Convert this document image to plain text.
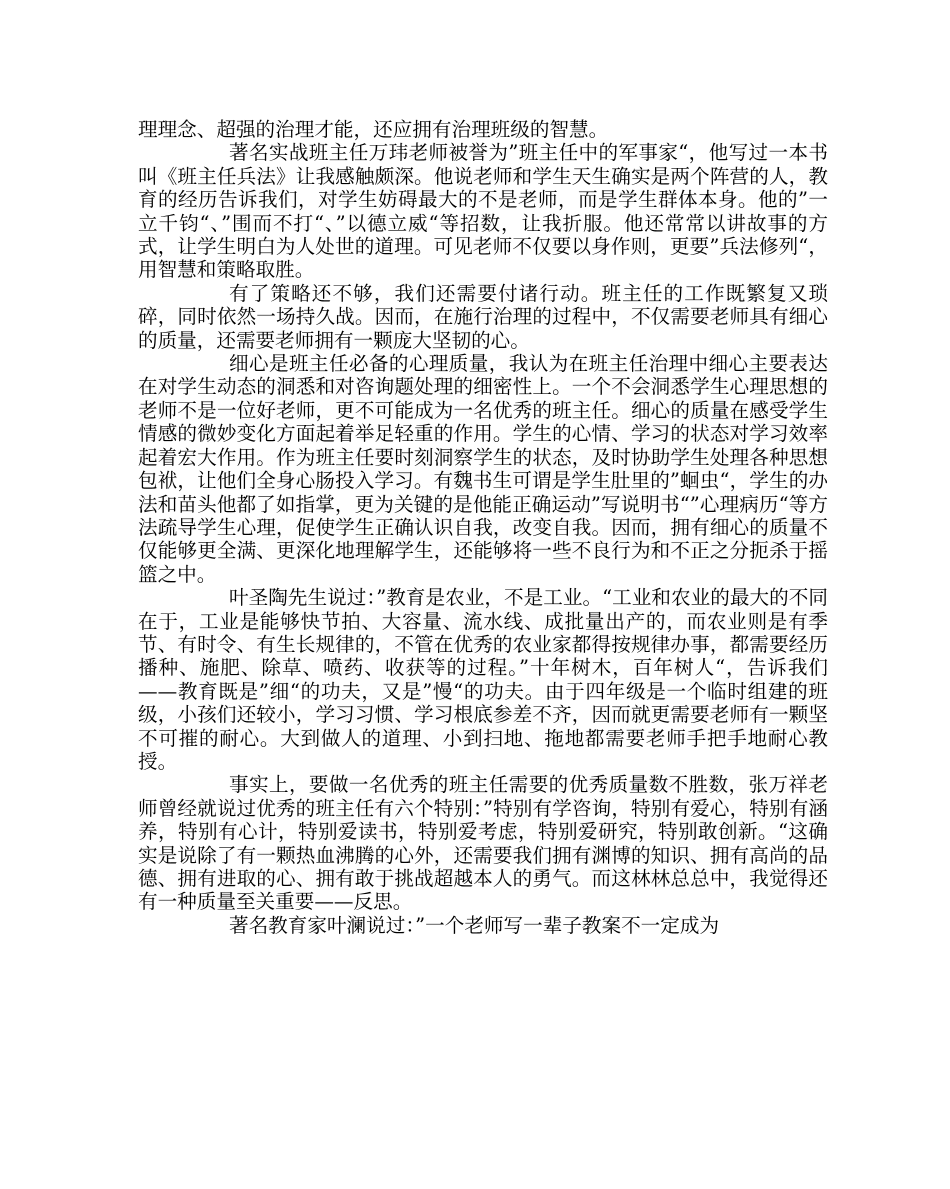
理理念、超强的治理才能，还应拥有治理班级的智慧。

著名实战班主任万玮老师被誉为”班主任中的军事家“，他写过一本书叫《班主任兵法》让我感触颇深。他说老师和学生天生确实是两个阵营的人，教育的经历告诉我们，对学生妨碍最大的不是老师，而是学生群体本身。他的”一立千钧“、”围而不打“、”以德立威“等招数，让我折服。他还常常以讲故事的方式，让学生明白为人处世的道理。可见老师不仅要以身作则，更要”兵法修列“，用智慧和策略取胜。

有了策略还不够，我们还需要付诸行动。班主任的工作既繁复又琐碎，同时依然一场持久战。因而，在施行治理的过程中，不仅需要老师具有细心的质量，还需要老师拥有一颗庞大坚韧的心。

细心是班主任必备的心理质量，我认为在班主任治理中细心主要表达在对学生动态的洞悉和对咨询题处理的细密性上。一个不会洞悉学生心理思想的老师不是一位好老师，更不可能成为一名优秀的班主任。细心的质量在感受学生情感的微妙变化方面起着举足轻重的作用。学生的心情、学习的状态对学习效率起着宏大作用。作为班主任要时刻洞察学生的状态，及时协助学生处理各种思想包袱，让他们全身心肠投入学习。有魏书生可谓是学生肚里的”蛔虫“，学生的办法和苗头他都了如指掌，更为关键的是他能正确运动”写说明书“”心理病历“等方法疏导学生心理，促使学生正确认识自我，改变自我。因而，拥有细心的质量不仅能够更全满、更深化地理解学生，还能够将一些不良行为和不正之分扼杀于摇篮之中。

叶圣陶先生说过：”教育是农业，不是工业。“工业和农业的最大的不同在于，工业是能够快节拍、大容量、流水线、成批量出产的，而农业则是有季节、有时令、有生长规律的，不管在优秀的农业家都得按规律办事，都需要经历播种、施肥、除草、喷药、收获等的过程。”十年树木，百年树人“，告诉我们——教育既是”细“的功夫，又是”慢“的功夫。由于四年级是一个临时组建的班级，小孩们还较小，学习习惯、学习根底参差不齐，因而就更需要老师有一颗坚不可摧的耐心。大到做人的道理、小到扫地、拖地都需要老师手把手地耐心教授。

事实上，要做一名优秀的班主任需要的优秀质量数不胜数，张万祥老师曾经就说过优秀的班主任有六个特别：”特别有学咨询，特别有爱心，特别有涵养，特别有心计，特别爱读书，特别爱考虑，特别爱研究，特别敢创新。“这确实是说除了有一颗热血沸腾的心外，还需要我们拥有渊博的知识、拥有高尚的品德、拥有进取的心、拥有敢于挑战超越本人的勇气。而这林林总总中，我觉得还有一种质量至关重要——反思。

著名教育家叶澜说过：”一个老师写一辈子教案不一定成为
